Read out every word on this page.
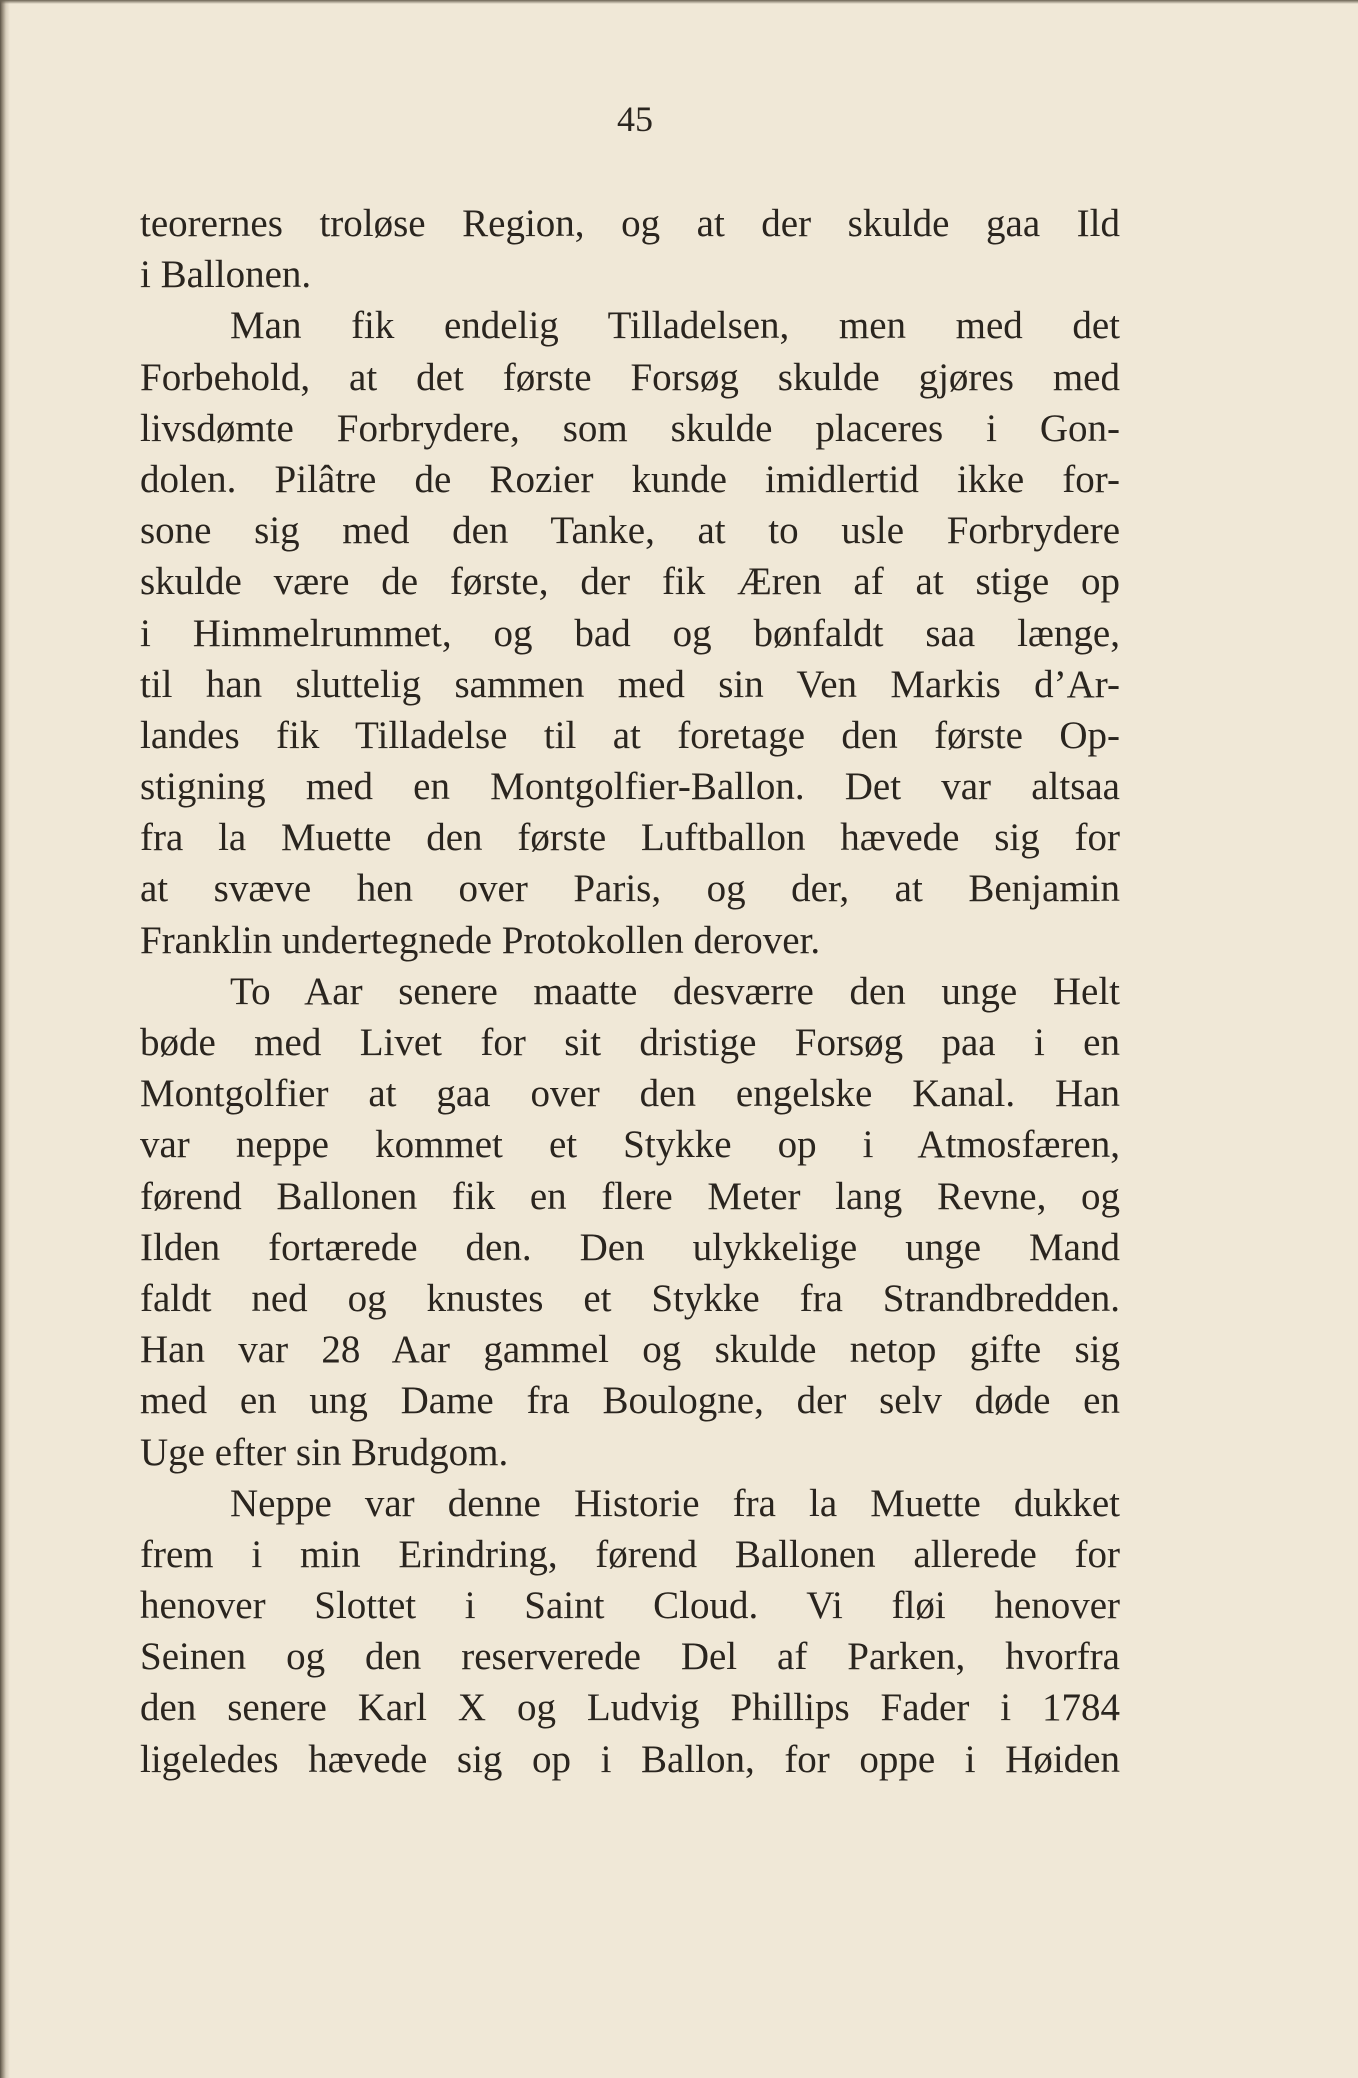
45
teorernes troløse Region, og at der skulde gaa Ild
i Ballonen.
Man fik endelig Tilladelsen, men med det
Forbehold, at det første Forsøg skulde gjøres med
livsdømte Forbrydere, som skulde placeres i Gon-
dolen. Pilâtre de Rozier kunde imidlertid ikke for-
sone sig med den Tanke, at to usle Forbrydere
skulde være de første, der fik Æren af at stige op
i Himmelrummet, og bad og bønfaldt saa længe,
til han sluttelig sammen med sin Ven Markis d’Ar-
landes fik Tilladelse til at foretage den første Op-
stigning med en Montgolfier-Ballon. Det var altsaa
fra la Muette den første Luftballon hævede sig for
at svæve hen over Paris, og der, at Benjamin
Franklin undertegnede Protokollen derover.
To Aar senere maatte desværre den unge Helt
bøde med Livet for sit dristige Forsøg paa i en
Montgolfier at gaa over den engelske Kanal. Han
var neppe kommet et Stykke op i Atmosfæren,
førend Ballonen fik en flere Meter lang Revne, og
Ilden fortærede den. Den ulykkelige unge Mand
faldt ned og knustes et Stykke fra Strandbredden.
Han var 28 Aar gammel og skulde netop gifte sig
med en ung Dame fra Boulogne, der selv døde en
Uge efter sin Brudgom.
Neppe var denne Historie fra la Muette dukket
frem i min Erindring, førend Ballonen allerede for
henover Slottet i Saint Cloud. Vi fløi henover
Seinen og den reserverede Del af Parken, hvorfra
den senere Karl X og Ludvig Phillips Fader i 1784
ligeledes hævede sig op i Ballon, for oppe i Høiden
